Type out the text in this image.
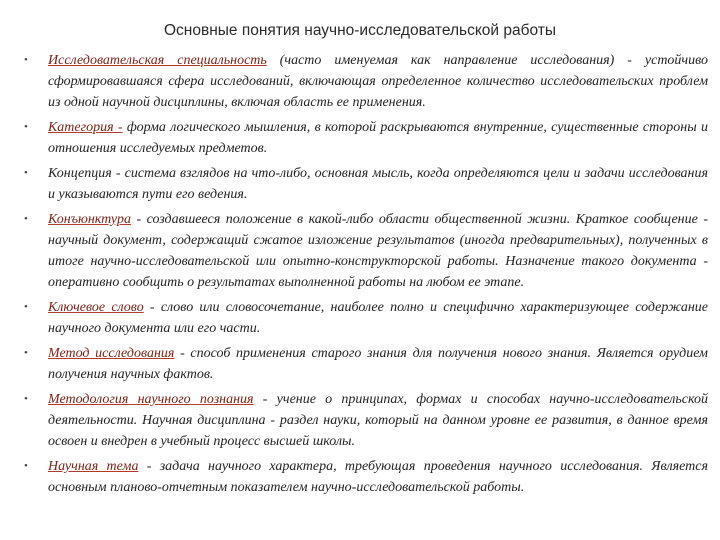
Основные понятия научно-исследовательской работы
• Исследовательская специальность (часто именуемая как направление исследования) - устойчиво сформировавшаяся сфера исследований, включающая определенное количество исследовательских проблем из одной научной дисциплины, включая область ее применения.
• Категория - форма логического мышления, в которой раскрываются внутренние, существенные стороны и отношения исследуемых предметов.
• Концепция - система взглядов на что-либо, основная мысль, когда определяются цели и задачи исследования и указываются пути его ведения.
• Конъюнктура - создавшееся положение в какой-либо области общественной жизни. Краткое сообщение - научный документ, содержащий сжатое изложение результатов (иногда предварительных), полученных в итоге научно-исследовательской или опытно-конструкторской работы. Назначение такого документа - оперативно сообщить о результатах выполненной работы на любом ее этапе.
• Ключевое слово - слово или словосочетание, наиболее полно и специфично характеризующее содержание научного документа или его части.
• Метод исследования - способ применения старого знания для получения нового знания. Является орудием получения научных фактов.
• Методология научного познания - учение о принципах, формах и способах научно-исследовательской деятельности. Научная дисциплина - раздел науки, который на данном уровне ее развития, в данное время освоен и внедрен в учебный процесс высшей школы.
• Научная тема - задача научного характера, требующая проведения научного исследования. Является основным планово-отчетным показателем научно-исследовательской работы.
